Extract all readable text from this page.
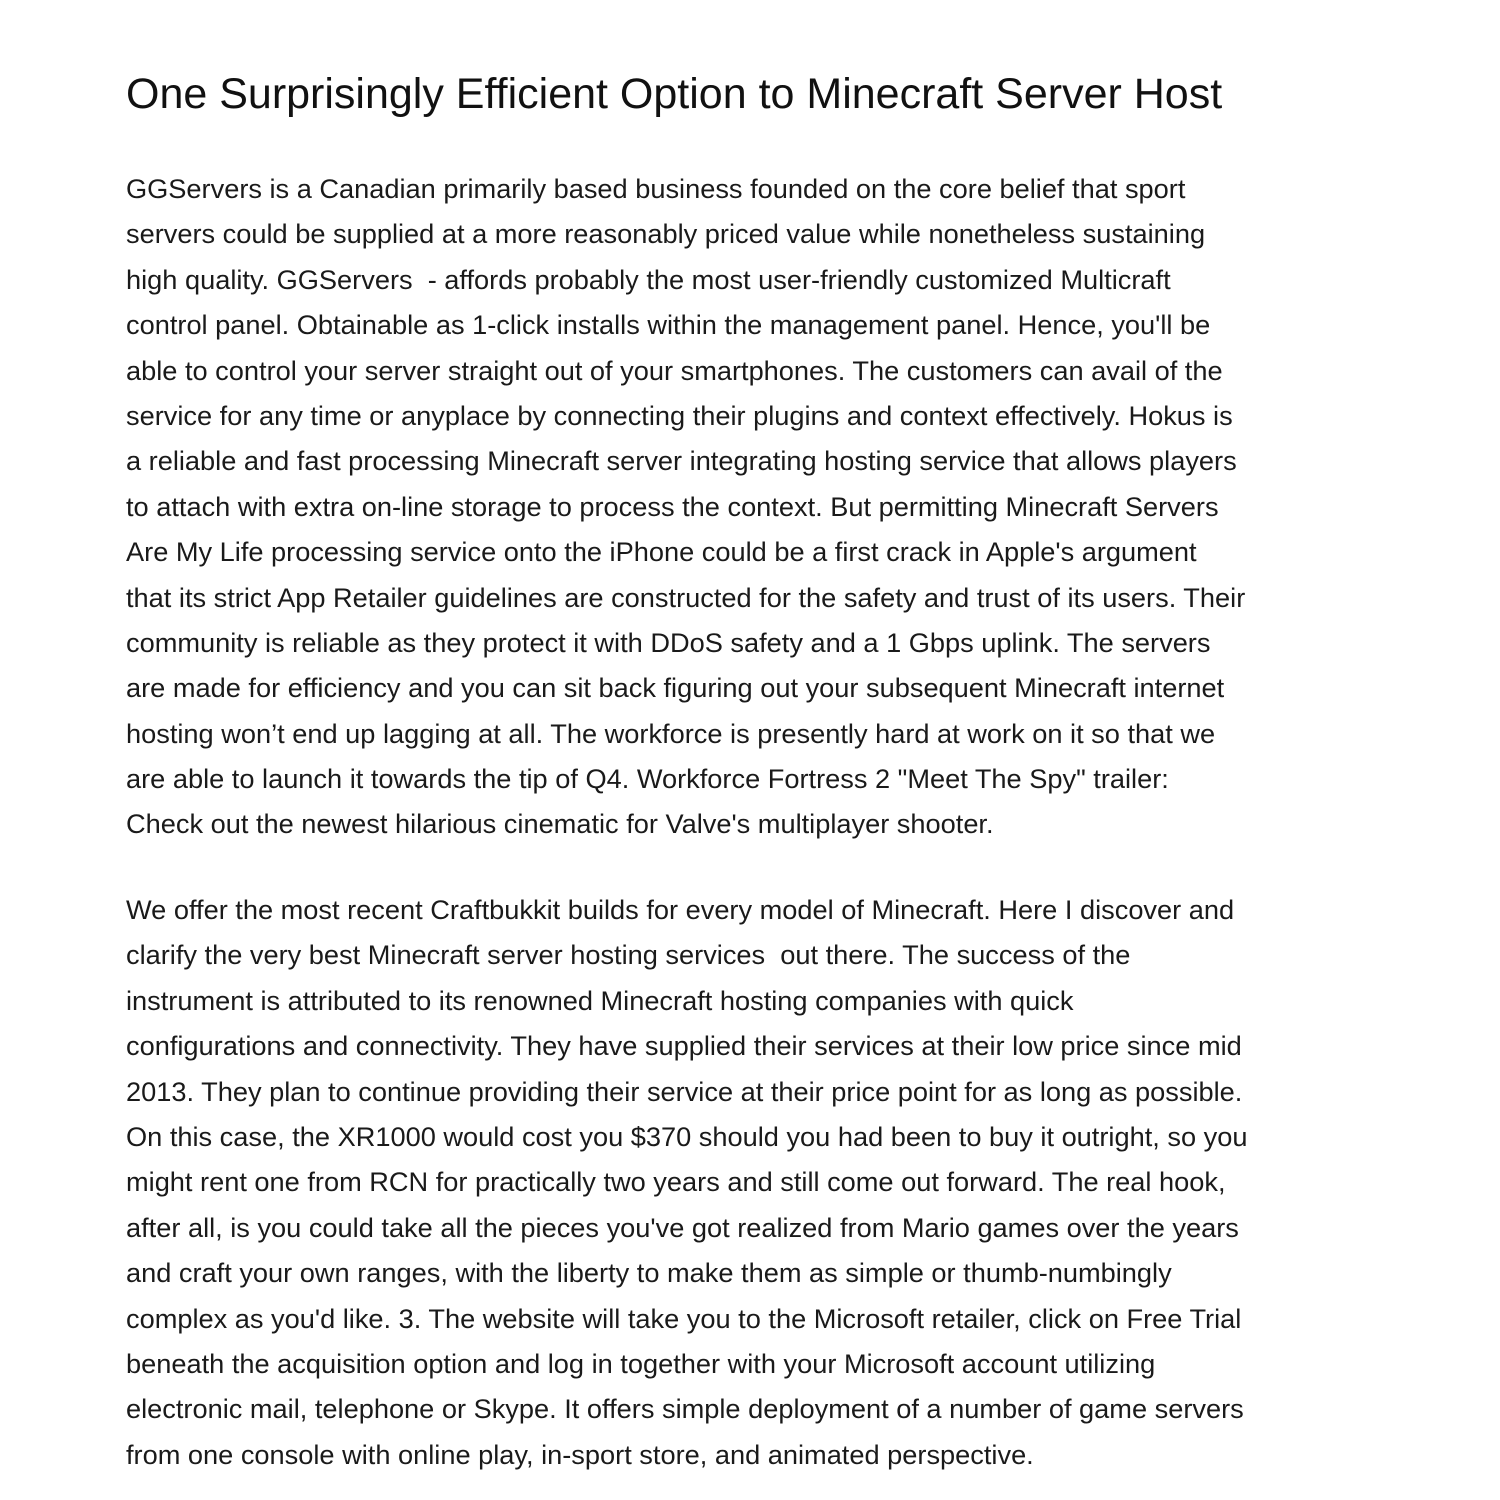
One Surprisingly Efficient Option to Minecraft Server Host
GGServers is a Canadian primarily based business founded on the core belief that sport
servers could be supplied at a more reasonably priced value while nonetheless sustaining
high quality. GGServers  - affords probably the most user-friendly customized Multicraft
control panel. Obtainable as 1-click installs within the management panel. Hence, you'll be
able to control your server straight out of your smartphones. The customers can avail of the
service for any time or anyplace by connecting their plugins and context effectively. Hokus is
a reliable and fast processing Minecraft server integrating hosting service that allows players
to attach with extra on-line storage to process the context. But permitting Minecraft Servers
Are My Life processing service onto the iPhone could be a first crack in Apple's argument
that its strict App Retailer guidelines are constructed for the safety and trust of its users. Their
community is reliable as they protect it with DDoS safety and a 1 Gbps uplink. The servers
are made for efficiency and you can sit back figuring out your subsequent Minecraft internet
hosting won’t end up lagging at all. The workforce is presently hard at work on it so that we
are able to launch it towards the tip of Q4. Workforce Fortress 2 "Meet The Spy" trailer:
Check out the newest hilarious cinematic for Valve's multiplayer shooter.
We offer the most recent Craftbukkit builds for every model of Minecraft. Here I discover and
clarify the very best Minecraft server hosting services  out there. The success of the
instrument is attributed to its renowned Minecraft hosting companies with quick
configurations and connectivity. They have supplied their services at their low price since mid
2013. They plan to continue providing their service at their price point for as long as possible.
On this case, the XR1000 would cost you $370 should you had been to buy it outright, so you
might rent one from RCN for practically two years and still come out forward. The real hook,
after all, is you could take all the pieces you've got realized from Mario games over the years
and craft your own ranges, with the liberty to make them as simple or thumb-numbingly
complex as you'd like. 3. The website will take you to the Microsoft retailer, click on Free Trial
beneath the acquisition option and log in together with your Microsoft account utilizing
electronic mail, telephone or Skype. It offers simple deployment of a number of game servers
from one console with online play, in-sport store, and animated perspective.
